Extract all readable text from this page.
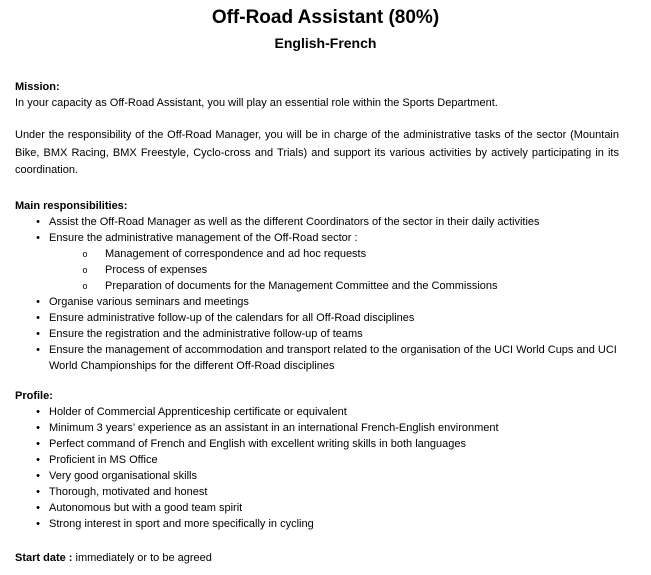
Off-Road Assistant (80%)
English-French
Mission:

In your capacity as Off-Road Assistant, you will play an essential role within the Sports Department.

Under the responsibility of the Off-Road Manager, you will be in charge of the administrative tasks of the sector (Mountain Bike, BMX Racing, BMX Freestyle, Cyclo-cross and Trials) and support its various activities by actively participating in its coordination.

Main responsibilities:
• Assist the Off-Road Manager as well as the different Coordinators of the sector in their daily activities
• Ensure the administrative management of the Off-Road sector :
o Management of correspondence and ad hoc requests
o Process of expenses
o Preparation of documents for the Management Committee and the Commissions
• Organise various seminars and meetings
• Ensure administrative follow-up of the calendars for all Off-Road disciplines
• Ensure the registration and the administrative follow-up of teams
• Ensure the management of accommodation and transport related to the organisation of the UCI World Cups and UCI World Championships for the different Off-Road disciplines
Profile:
• Holder of Commercial Apprenticeship certificate or equivalent
• Minimum 3 years’ experience as an assistant in an international French-English environment
• Perfect command of French and English with excellent writing skills in both languages
• Proficient in MS Office
• Very good organisational skills
• Thorough, motivated and honest
• Autonomous but with a good team spirit
• Strong interest in sport and more specifically in cycling
Start date : immediately or to be agreed
